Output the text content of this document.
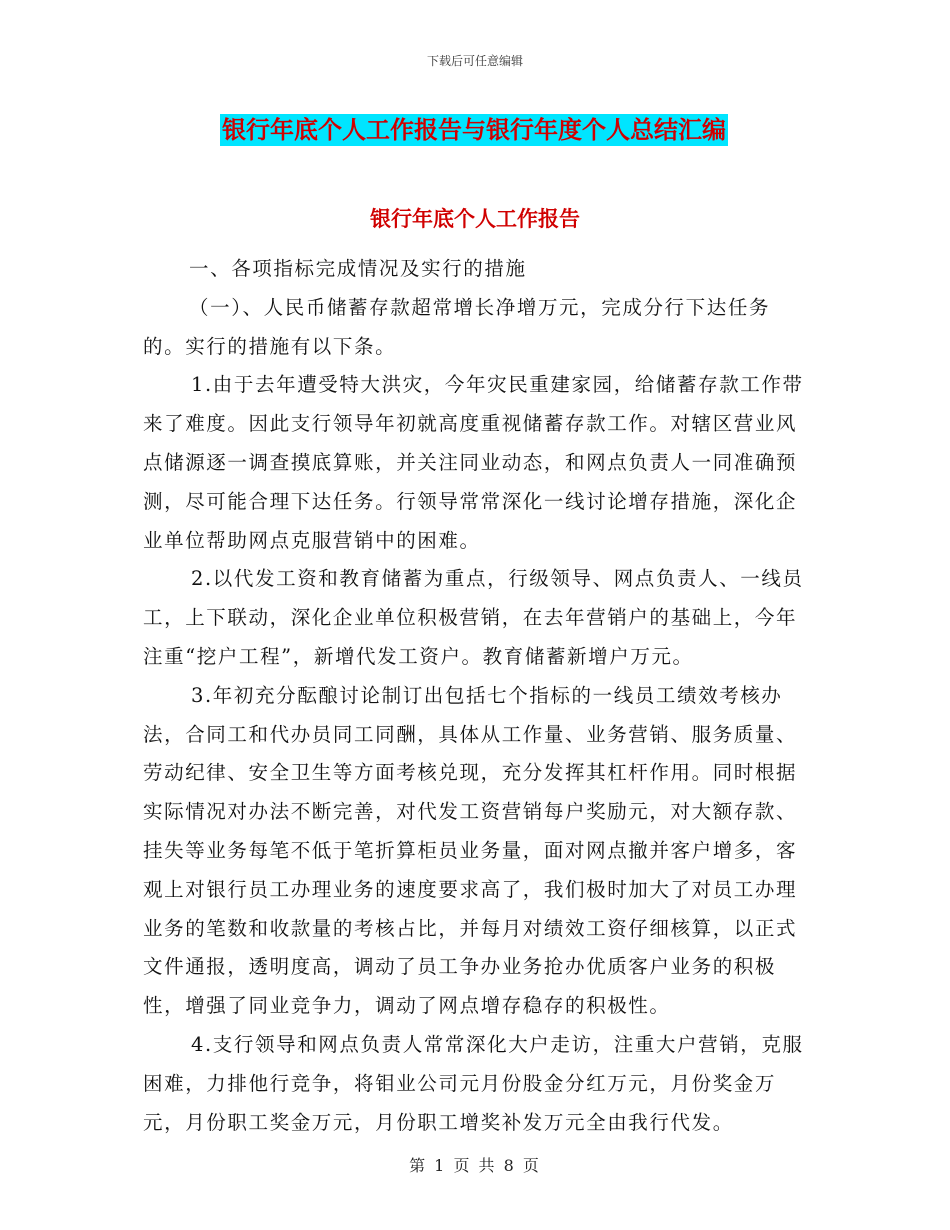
下载后可任意编辑
银行年底个人工作报告与银行年度个人总结汇编
银行年底个人工作报告

一、各项指标完成情况及实行的措施

（一）、人民币储蓄存款超常增长净增万元，完成分行下达任务的。实行的措施有以下条。

1.由于去年遭受特大洪灾，今年灾民重建家园，给储蓄存款工作带来了难度。因此支行领导年初就高度重视储蓄存款工作。对辖区营业风点储源逐一调查摸底算账，并关注同业动态，和网点负责人一同准确预测，尽可能合理下达任务。行领导常常深化一线讨论增存措施，深化企业单位帮助网点克服营销中的困难。

2.以代发工资和教育储蓄为重点，行级领导、网点负责人、一线员工，上下联动，深化企业单位积极营销，在去年营销户的基础上，今年注重“挖户工程”，新增代发工资户。教育储蓄新增户万元。

3.年初充分酝酿讨论制订出包括七个指标的一线员工绩效考核办法，合同工和代办员同工同酬，具体从工作量、业务营销、服务质量、劳动纪律、安全卫生等方面考核兑现，充分发挥其杠杆作用。同时根据实际情况对办法不断完善，对代发工资营销每户奖励元，对大额存款、挂失等业务每笔不低于笔折算柜员业务量，面对网点撤并客户增多，客观上对银行员工办理业务的速度要求高了，我们极时加大了对员工办理业务的笔数和收款量的考核占比，并每月对绩效工资仔细核算，以正式文件通报，透明度高，调动了员工争办业务抢办优质客户业务的积极性，增强了同业竞争力，调动了网点增存稳存的积极性。

4.支行领导和网点负责人常常深化大户走访，注重大户营销，克服困难，力排他行竞争，将钼业公司元月份股金分红万元，月份奖金万元，月份职工奖金万元，月份职工增奖补发万元全由我行代发。

第 1 页 共 8 页
